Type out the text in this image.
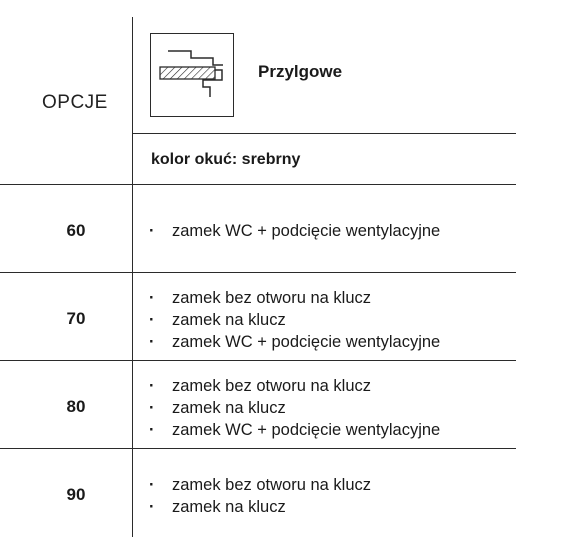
OPCJE
Przylgowe
kolor okuć: srebrny
60	· zamek WC + podcięcie wentylacyjne
70
· zamek bez otworu na klucz
· zamek na klucz
· zamek WC + podcięcie wentylacyjne
80
· zamek bez otworu na klucz
· zamek na klucz
· zamek WC + podcięcie wentylacyjne
90	· zamek bez otworu na klucz
· zamek na klucz
